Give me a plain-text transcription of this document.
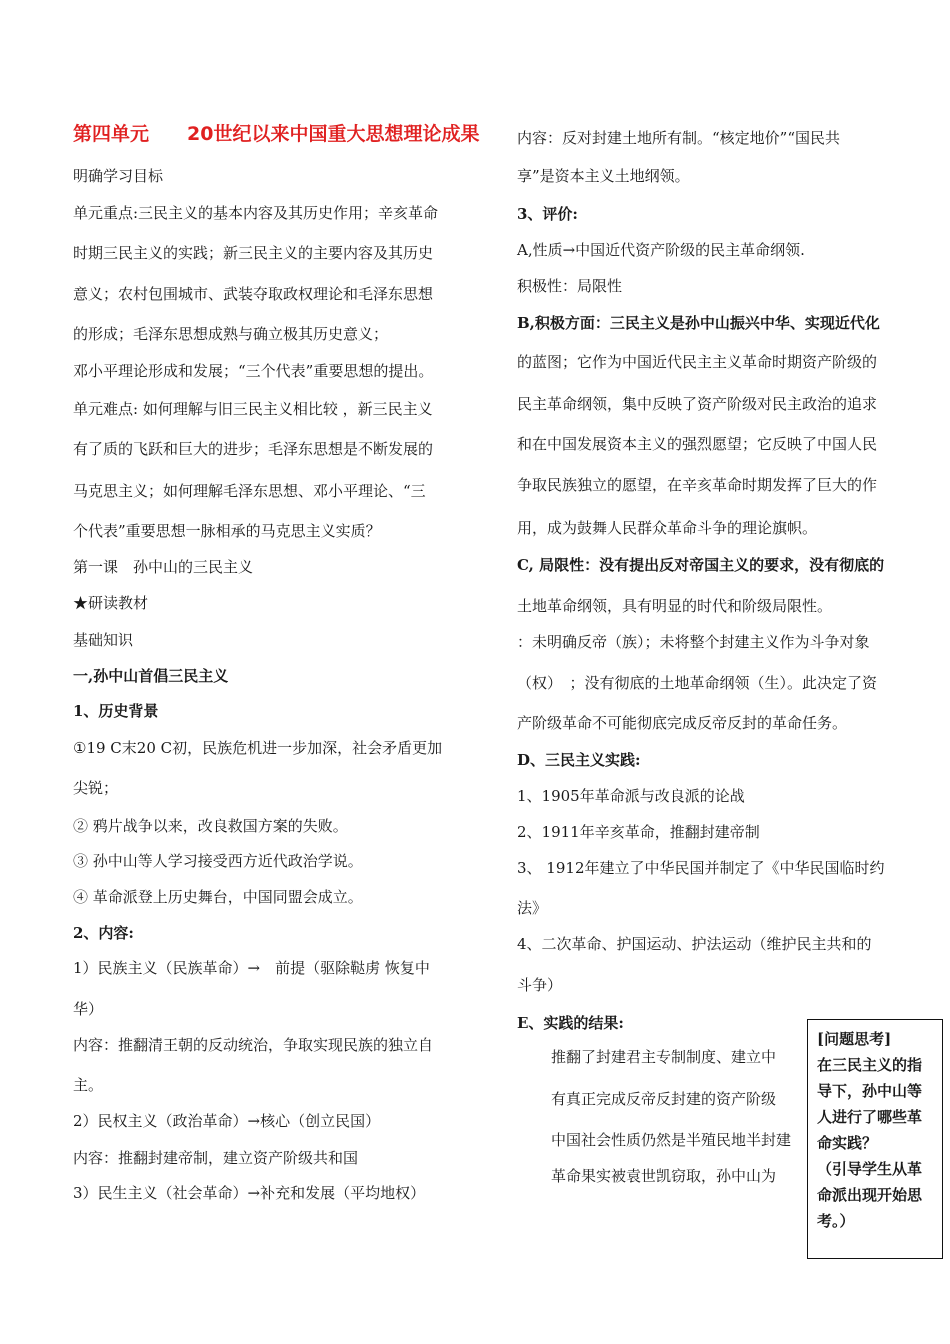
第四单元　　20世纪以来中国重大思想理论成果
明确学习目标
单元重点:三民主义的基本内容及其历史作用；辛亥革命
时期三民主义的实践；新三民主义的主要内容及其历史
意义；农村包围城市、武装夺取政权理论和毛泽东思想
的形成；毛泽东思想成熟与确立极其历史意义；
邓小平理论形成和发展；“三个代表”重要思想的提出。
单元难点: 如何理解与旧三民主义相比较 ，新三民主义
有了质的飞跃和巨大的进步；毛泽东思想是不断发展的
马克思主义；如何理解毛泽东思想、邓小平理论、“三
个代表”重要思想一脉相承的马克思主义实质？
第一课　孙中山的三民主义
★研读教材
基础知识
一,孙中山首倡三民主义
1、历史背景
①19 C末20 C初，民族危机进一步加深，社会矛盾更加
尖锐；
② 鸦片战争以来，改良救国方案的失败。
③ 孙中山等人学习接受西方近代政治学说。
④ 革命派登上历史舞台，中国同盟会成立。
2、内容:
1）民族主义（民族革命）→　前提（驱除鞑虏 恢复中
华）
内容：推翻清王朝的反动统治，争取实现民族的独立自
主。
2）民权主义（政治革命）→核心（创立民国）
内容：推翻封建帝制，建立资产阶级共和国
3）民生主义（社会革命）→补充和发展（平均地权）
内容：反对封建土地所有制。“核定地价”“国民共
享”是资本主义土地纲领。
3、评价:
A,性质→中国近代资产阶级的民主革命纲领.
积极性：局限性
B,积极方面：三民主义是孙中山振兴中华、实现近代化
的蓝图；它作为中国近代民主主义革命时期资产阶级的
民主革命纲领，集中反映了资产阶级对民主政治的追求
和在中国发展资本主义的强烈愿望；它反映了中国人民
争取民族独立的愿望，在辛亥革命时期发挥了巨大的作
用，成为鼓舞人民群众革命斗争的理论旗帜。
C, 局限性：没有提出反对帝国主义的要求，没有彻底的
土地革命纲领，具有明显的时代和阶级局限性。
：未明确反帝（族）；未将整个封建主义作为斗争对象
（权）　；没有彻底的土地革命纲领（生）。此决定了资
产阶级革命不可能彻底完成反帝反封的革命任务。
D、三民主义实践:
1、1905年革命派与改良派的论战
2、1911年辛亥革命，推翻封建帝制
3、 1912年建立了中华民国并制定了《中华民国临时约
法》
4、二次革命、护国运动、护法运动（维护民主共和的
斗争）
E、实践的结果:
推翻了封建君主专制制度、建立中
有真正完成反帝反封建的资产阶级
中国社会性质仍然是半殖民地半封建
革命果实被袁世凯窃取，孙中山为
[问题思考]
在三民主义的指
导下，孙中山等
人进行了哪些革
命实践？
（引导学生从革
命派出现开始思
考。）
